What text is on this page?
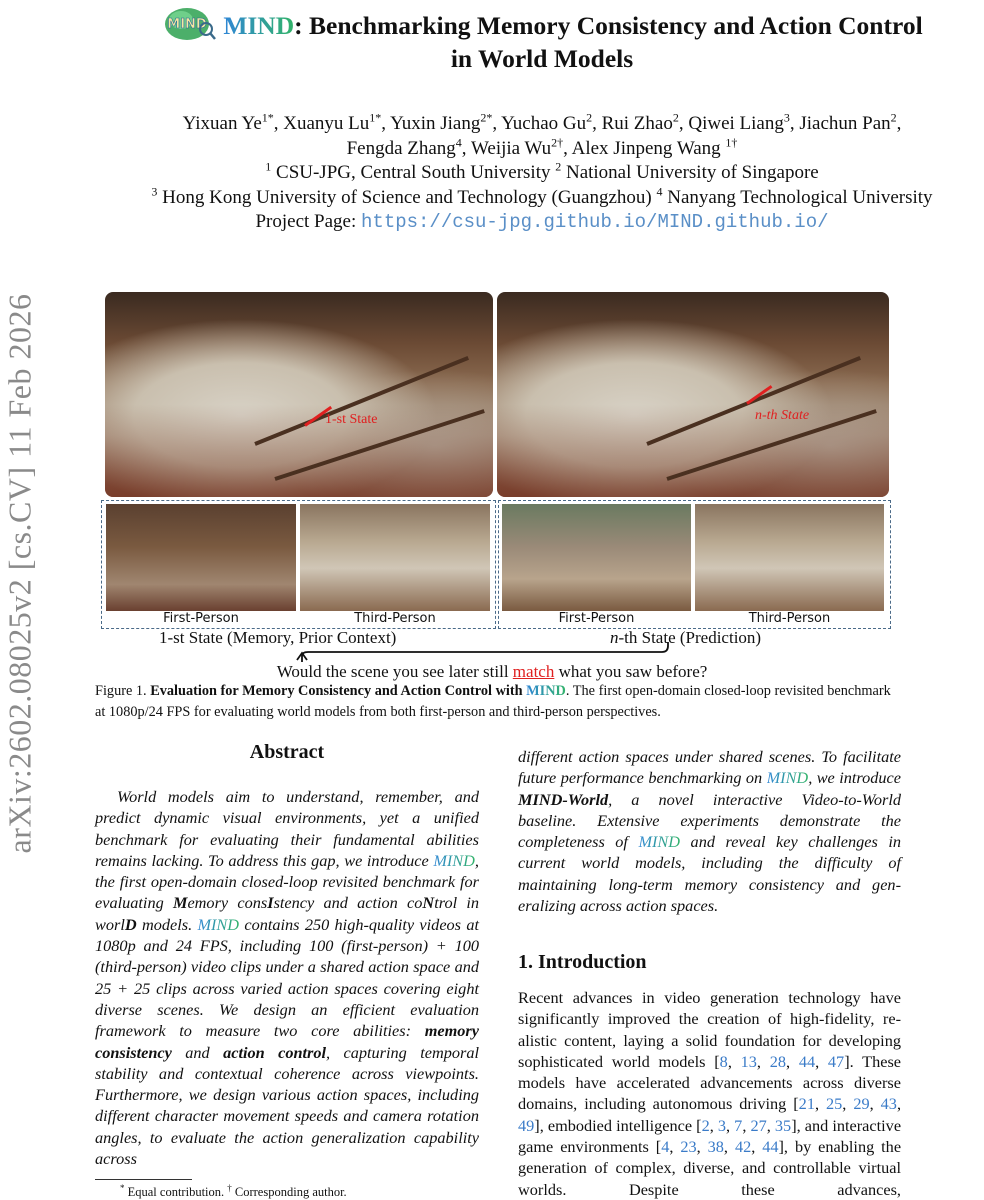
arXiv:2602.08025v2 [cs.CV] 11 Feb 2026
MIND MIND: Benchmarking Memory Consistency and Action Control
in World Models
Yixuan $Ye^{1*}$, Xuanyu $Lu^{1*}$, Yuxin Jiang$^{2*}$, Yuchao Gu$^2$, Rui Zhao$^2$, Qiwei Liang$^3$, Jiachun Pan$^2$,
Fengda Zhang$^4$, Weijia $Wu^{2\dagger}$, Alex Jinpeng Wang $^{1\dagger}$
$^1$ CSU-JPG, Central South University $^2$ National University of Singapore
$^3$ Hong Kong University of Science and Technology (Guangzhou) $^4$ Nanyang Technological University
Project Page: https://csu-jpg.github.io/MIND.github.io/
1-st State	n-th State
First-Person	Third-Person	First-Person	Third-Person
1-st State (Memory, Prior Context)	n-th State (Prediction)
Would the scene you see later still match what you saw before?
Figure 1. Evaluation for Memory Consistency and Action Control with MIND. The first open-domain closed-loop revisited benchmark at 1080p/24 FPS for evaluating world models from both first-person and third-person perspectives.
Abstract
World models aim to understand, remember, and predict dynamic visual environments, yet a unified benchmark for evaluating their fundamental abilities remains lacking. To address this gap, we introduce MIND, the first open-domain closed-loop revisited benchmark for evaluating Memory consIstency and action coNtrol in worlD models. MIND contains 250 high-quality videos at 1080p and 24 FPS, including 100 (first-person) + 100 (third-person) video clips under a shared action space and 25 + 25 clips across varied action spaces covering eight diverse scenes. We design an efficient evaluation framework to measure two core abilities: memory consistency and action control, capturing temporal stability and contextual coherence across viewpoints. Furthermore, we design various action spaces, including different character movement speeds and camera rotation angles, to evaluate the action generalization capability across
* Equal contribution. † Corresponding author.
different action spaces under shared scenes. To facilitate future performance benchmarking on MIND, we introduce MIND-World, a novel interactive Video-to-World baseline. Extensive experiments demonstrate the completeness of MIND and reveal key challenges in current world models, including the difficulty of maintaining long-term memory consistency and generalizing across action spaces.
1. Introduction
Recent advances in video generation technology have significantly improved the creation of high-fidelity, realistic content, laying a solid foundation for developing sophisticated world models [8, 13, 28, 44, 47]. These models have accelerated advancements across diverse domains, including autonomous driving [21, 25, 29, 43, 49], embodied intelligence [2, 3, 7, 27, 35], and interactive game environments [4, 23, 38, 42, 44], by enabling the generation of complex, diverse, and controllable virtual worlds. Despite these advances,
